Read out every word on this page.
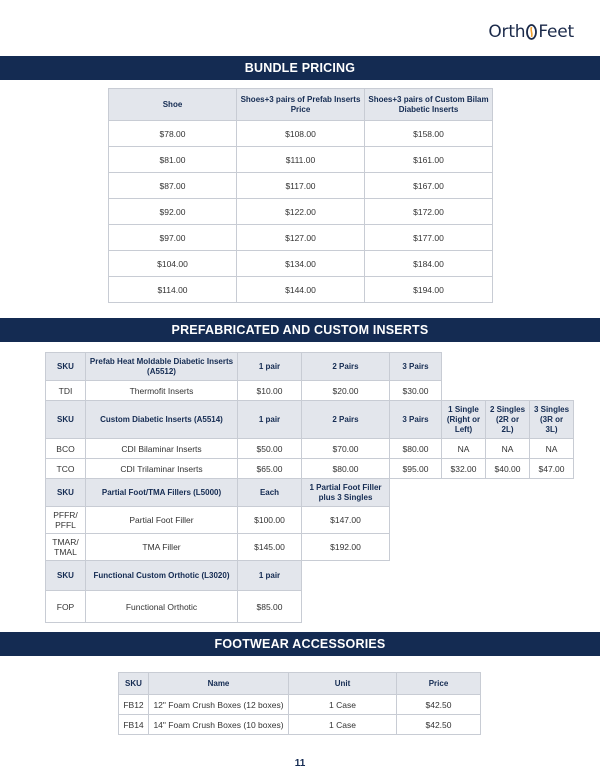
Orth Feet
BUNDLE PRICING
Shoe	Shoes+3 pairs of Prefab Inserts Price	Shoes+3 pairs of Custom Bilam Diabetic Inserts
$78.00	$108.00	$158.00
$81.00	$111.00	$161.00
$87.00	$117.00	$167.00
$92.00	$122.00	$172.00
$97.00	$127.00	$177.00
$104.00	$134.00	$184.00
$114.00	$144.00	$194.00
PREFABRICATED AND CUSTOM INSERTS
SKU	Prefab Heat Moldable Diabetic Inserts (A5512)	1 pair	2 Pairs	3 Pairs			
TDI	Thermofit Inserts	$10.00	$20.00	$30.00			
SKU	Custom Diabetic Inserts (A5514)	1 pair	2 Pairs	3 Pairs	1 Single (Right or Left)	2 Singles (2R or 2L)	3 Singles (3R or 3L)
BCO	CDI Bilaminar Inserts	$50.00	$70.00	$80.00	NA	NA	NA
TCO	CDI Trilaminar Inserts	$65.00	$80.00	$95.00	$32.00	$40.00	$47.00
SKU	Partial Foot/TMA Fillers (L5000)	Each	1 Partial Foot Filler plus 3 Singles				
PFFR/ PFFL	Partial Foot Filler	$100.00	$147.00				
TMAR/ TMAL	TMA Filler	$145.00	$192.00				
SKU	Functional Custom Orthotic (L3020)	1 pair					
FOP	Functional Orthotic	$85.00					
FOOTWEAR ACCESSORIES
SKU	Name	Unit	Price
FB12	12" Foam Crush Boxes (12 boxes)	1 Case	$42.50
FB14	14" Foam Crush Boxes (10 boxes)	1 Case	$42.50
11
